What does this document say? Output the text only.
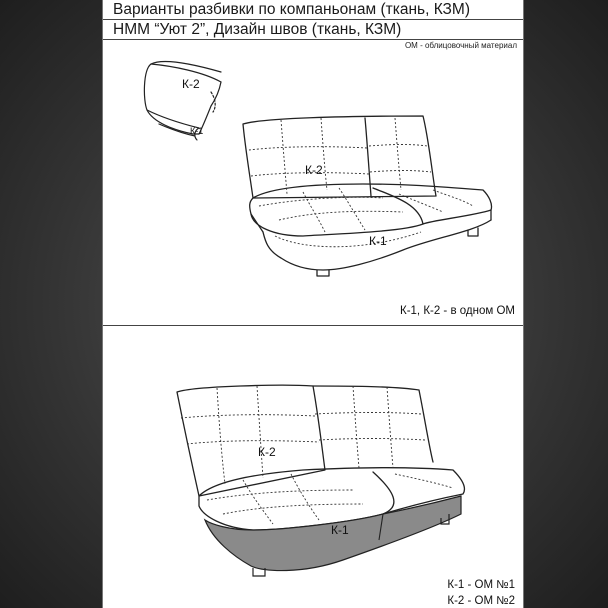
Варианты разбивки по компаньонам (ткань, КЗМ)
НММ “Уют 2”, Дизайн швов (ткань, КЗМ)
ОМ - облицовочный материал
К-2
К-1
К-2
К-1
К-2
К-1
К-1, К-2 - в одном ОМ
К-1 - ОМ №1
К-2 - ОМ №2
